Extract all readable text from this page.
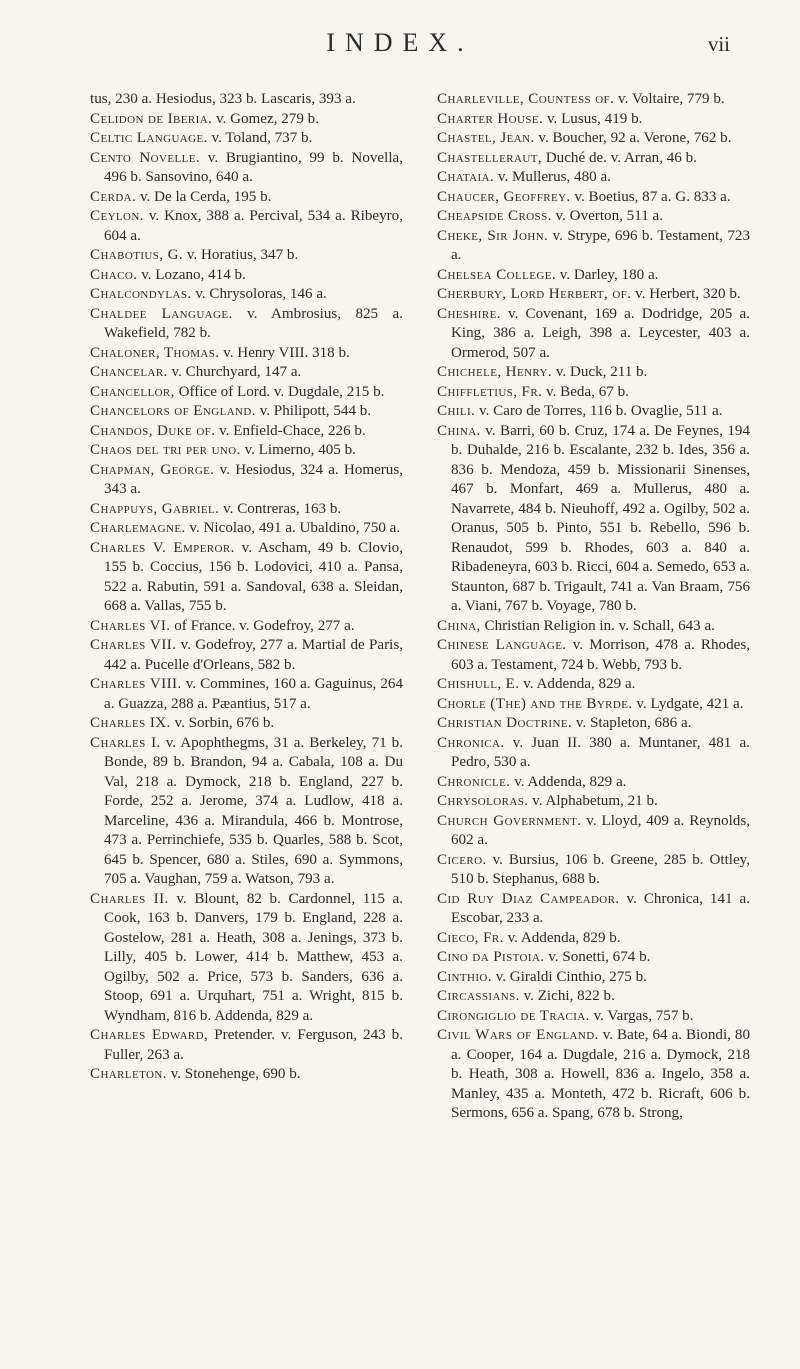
INDEX.	vii

tus, 230 a. Hesiodus, 323 b. Lascaris, 393 a.

Celidon de Iberia. v. Gomez, 279 b.

Celtic Language. v. Toland, 737 b.

Cento Novelle. v. Brugiantino, 99 b. Novella, 496 b. Sansovino, 640 a.

Cerda. v. De la Cerda, 195 b.

Ceylon. v. Knox, 388 a. Percival, 534 a. Ribeyro, 604 a.

Chabotius, G. v. Horatius, 347 b.

Chaco. v. Lozano, 414 b.

Chalcondylas. v. Chrysoloras, 146 a.

Chaldee Language. v. Ambrosius, 825 a. Wakefield, 782 b.

Chaloner, Thomas. v. Henry VIII. 318 b.

Chancelar. v. Churchyard, 147 a.

Chancellor, Office of Lord. v. Dugdale, 215 b.

Chancelors of England. v. Philipott, 544 b.

Chandos, Duke of. v. Enfield-Chace, 226 b.

Chaos del tri per uno. v. Limerno, 405 b.

Chapman, George. v. Hesiodus, 324 a. Homerus, 343 a.

Chappuys, Gabriel. v. Contreras, 163 b.

Charlemagne. v. Nicolao, 491 a. Ubaldino, 750 a.

Charles V. Emperor. v. Ascham, 49 b. Clovio, 155 b. Coccius, 156 b. Lodovici, 410 a. Pansa, 522 a. Rabutin, 591 a. Sandoval, 638 a. Sleidan, 668 a. Vallas, 755 b.

Charles VI. of France. v. Godefroy, 277 a.

Charles VII. v. Godefroy, 277 a. Martial de Paris, 442 a. Pucelle d'Orleans, 582 b.

Charles VIII. v. Commines, 160 a. Gaguinus, 264 a. Guazza, 288 a. Pæantius, 517 a.

Charles IX. v. Sorbin, 676 b.

Charles I. v. Apophthegms, 31 a. Berkeley, 71 b. Bonde, 89 b. Brandon, 94 a. Cabala, 108 a. Du Val, 218 a. Dymock, 218 b. England, 227 b. Forde, 252 a. Jerome, 374 a. Ludlow, 418 a. Marceline, 436 a. Mirandula, 466 b. Montrose, 473 a. Perrinchiefe, 535 b. Quarles, 588 b. Scot, 645 b. Spencer, 680 a. Stiles, 690 a. Symmons, 705 a. Vaughan, 759 a. Watson, 793 a.

Charles II. v. Blount, 82 b. Cardonnel, 115 a. Cook, 163 b. Danvers, 179 b. England, 228 a. Gostelow, 281 a. Heath, 308 a. Jenings, 373 b. Lilly, 405 b. Lower, 414 b. Matthew, 453 a. Ogilby, 502 a. Price, 573 b. Sanders, 636 a. Stoop, 691 a. Urquhart, 751 a. Wright, 815 b. Wyndham, 816 b. Addenda, 829 a.

Charles Edward, Pretender. v. Ferguson, 243 b. Fuller, 263 a.

Charleton. v. Stonehenge, 690 b.

Charleville, Countess of. v. Voltaire, 779 b.

Charter House. v. Lusus, 419 b.

Chastel, Jean. v. Boucher, 92 a. Verone, 762 b.

Chastelleraut, Duché de. v. Arran, 46 b.

Chataia. v. Mullerus, 480 a.

Chaucer, Geoffrey. v. Boetius, 87 a. G. 833 a.

Cheapside Cross. v. Overton, 511 a.

Cheke, Sir John. v. Strype, 696 b. Testament, 723 a.

Chelsea College. v. Darley, 180 a.

Cherbury, Lord Herbert, of. v. Herbert, 320 b.

Cheshire. v. Covenant, 169 a. Dodridge, 205 a. King, 386 a. Leigh, 398 a. Leycester, 403 a. Ormerod, 507 a.

Chichele, Henry. v. Duck, 211 b.

Chiffletius, Fr. v. Beda, 67 b.

Chili. v. Caro de Torres, 116 b. Ovaglie, 511 a.

China. v. Barri, 60 b. Cruz, 174 a. De Feynes, 194 b. Duhalde, 216 b. Escalante, 232 b. Ides, 356 a. 836 b. Mendoza, 459 b. Missionarii Sinenses, 467 b. Monfart, 469 a. Mullerus, 480 a. Navarrete, 484 b. Nieuhoff, 492 a. Ogilby, 502 a. Oranus, 505 b. Pinto, 551 b. Rebello, 596 b. Renaudot, 599 b. Rhodes, 603 a. 840 a. Ribadeneyra, 603 b. Ricci, 604 a. Semedo, 653 a. Staunton, 687 b. Trigault, 741 a. Van Braam, 756 a. Viani, 767 b. Voyage, 780 b.

China, Christian Religion in. v. Schall, 643 a.

Chinese Language. v. Morrison, 478 a. Rhodes, 603 a. Testament, 724 b. Webb, 793 b.

Chishull, E. v. Addenda, 829 a.

Chorle (The) and the Byrde. v. Lydgate, 421 a.

Christian Doctrine. v. Stapleton, 686 a.

Chronica. v. Juan II. 380 a. Muntaner, 481 a. Pedro, 530 a.

Chronicle. v. Addenda, 829 a.

Chrysoloras. v. Alphabetum, 21 b.

Church Government. v. Lloyd, 409 a. Reynolds, 602 a.

Cicero. v. Bursius, 106 b. Greene, 285 b. Ottley, 510 b. Stephanus, 688 b.

Cid Ruy Diaz Campeador. v. Chronica, 141 a. Escobar, 233 a.

Cieco, Fr. v. Addenda, 829 b.

Cino da Pistoia. v. Sonetti, 674 b.

Cinthio. v. Giraldi Cinthio, 275 b.

Circassians. v. Zichi, 822 b.

Cirongiglio de Tracia. v. Vargas, 757 b.

Civil Wars of England. v. Bate, 64 a. Biondi, 80 a. Cooper, 164 a. Dugdale, 216 a. Dymock, 218 b. Heath, 308 a. Howell, 836 a. Ingelo, 358 a. Manley, 435 a. Monteth, 472 b. Ricraft, 606 b. Sermons, 656 a. Spang, 678 b. Strong,
